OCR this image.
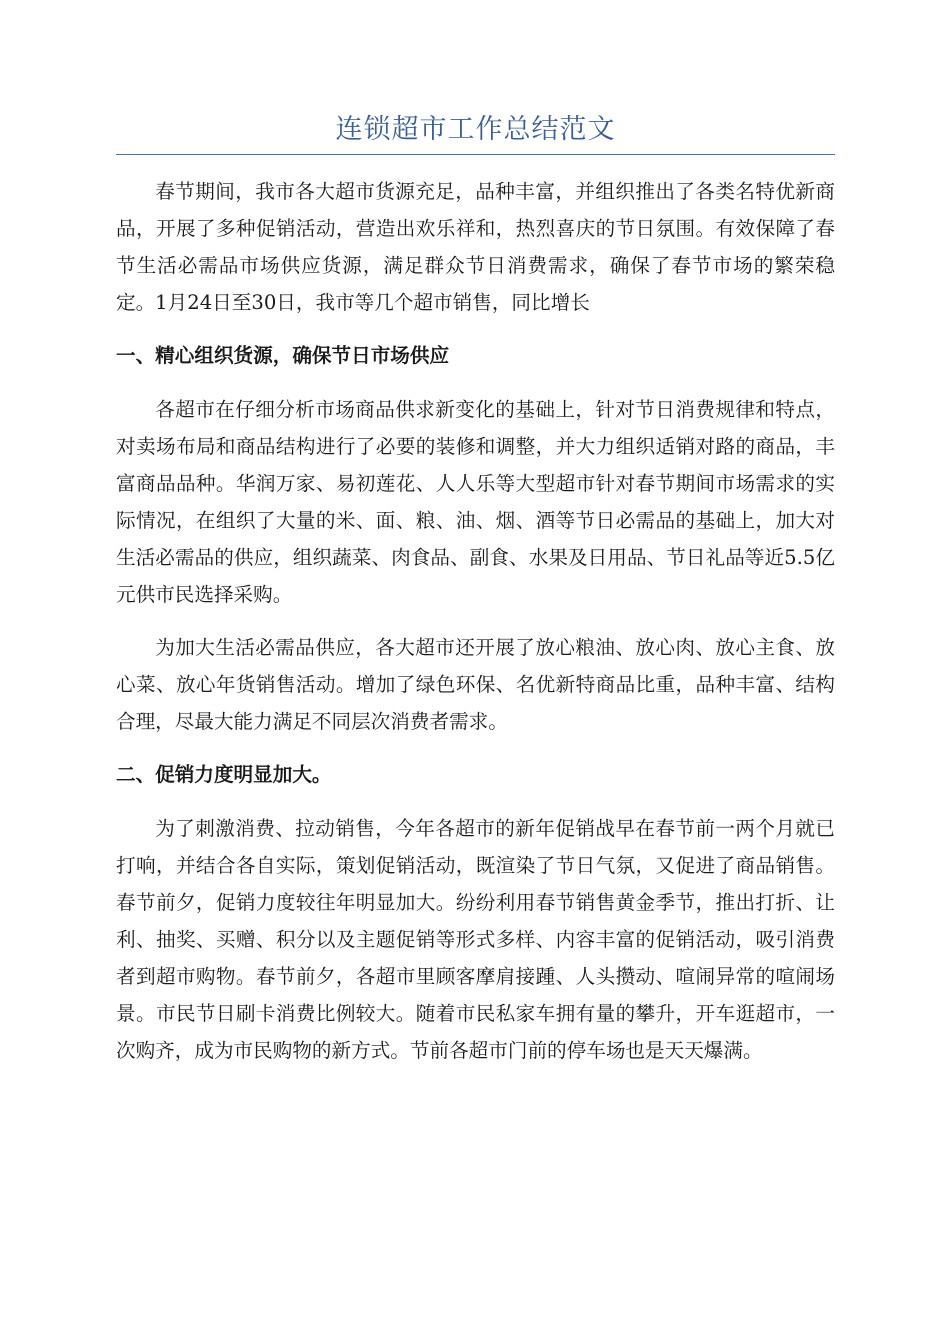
连锁超市工作总结范文

春节期间，我市各大超市货源充足，品种丰富，并组织推出了各类名特优新商品，开展了多种促销活动，营造出欢乐祥和，热烈喜庆的节日氛围。有效保障了春节生活必需品市场供应货源，满足群众节日消费需求，确保了春节市场的繁荣稳定。1月24日至30日，我市等几个超市销售，同比增长

一、精心组织货源，确保节日市场供应

各超市在仔细分析市场商品供求新变化的基础上，针对节日消费规律和特点，对卖场布局和商品结构进行了必要的装修和调整，并大力组织适销对路的商品，丰富商品品种。华润万家、易初莲花、人人乐等大型超市针对春节期间市场需求的实际情况，在组织了大量的米、面、粮、油、烟、酒等节日必需品的基础上，加大对生活必需品的供应，组织蔬菜、肉食品、副食、水果及日用品、节日礼品等近5.5亿元供市民选择采购。

为加大生活必需品供应，各大超市还开展了放心粮油、放心肉、放心主食、放心菜、放心年货销售活动。增加了绿色环保、名优新特商品比重，品种丰富、结构合理，尽最大能力满足不同层次消费者需求。

二、促销力度明显加大。

为了刺激消费、拉动销售，今年各超市的新年促销战早在春节前一两个月就已打响，并结合各自实际，策划促销活动，既渲染了节日气氛，又促进了商品销售。春节前夕，促销力度较往年明显加大。纷纷利用春节销售黄金季节，推出打折、让利、抽奖、买赠、积分以及主题促销等形式多样、内容丰富的促销活动，吸引消费者到超市购物。春节前夕，各超市里顾客摩肩接踵、人头攒动、喧闹异常的喧闹场景。市民节日刷卡消费比例较大。随着市民私家车拥有量的攀升，开车逛超市，一次购齐，成为市民购物的新方式。节前各超市门前的停车场也是天天爆满。
